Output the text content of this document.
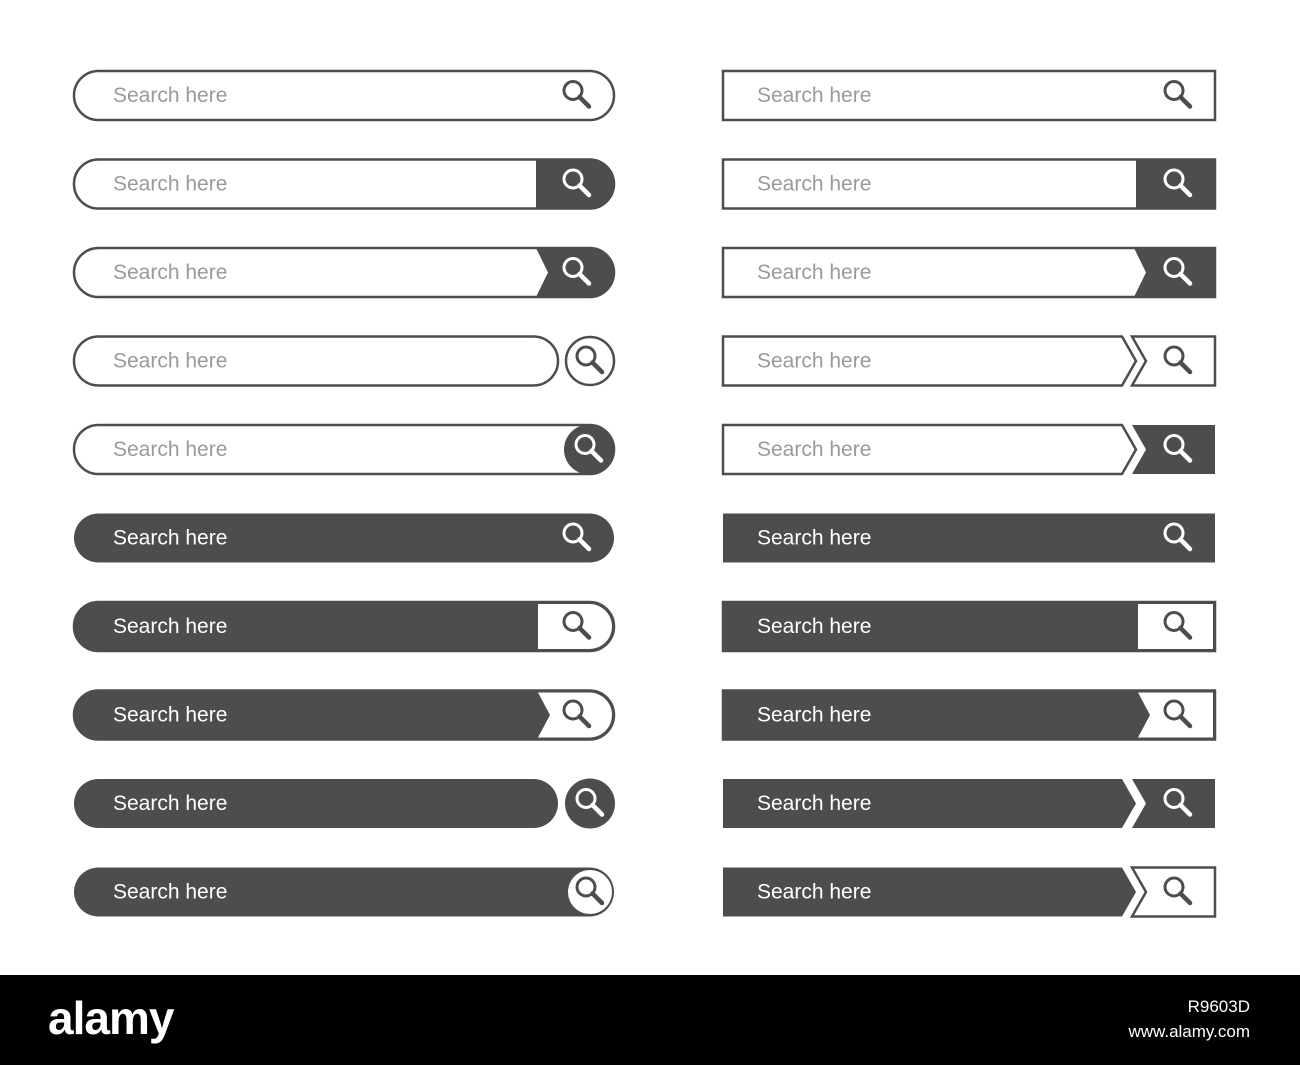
Search here
Search here
Search here
Search here
Search here
Search here
Search here
Search here
Search here
Search here
Search here
Search here
Search here
Search here
Search here
Search here
Search here
Search here
Search here
Search here
alamy	R9603D
www.alamy.com
